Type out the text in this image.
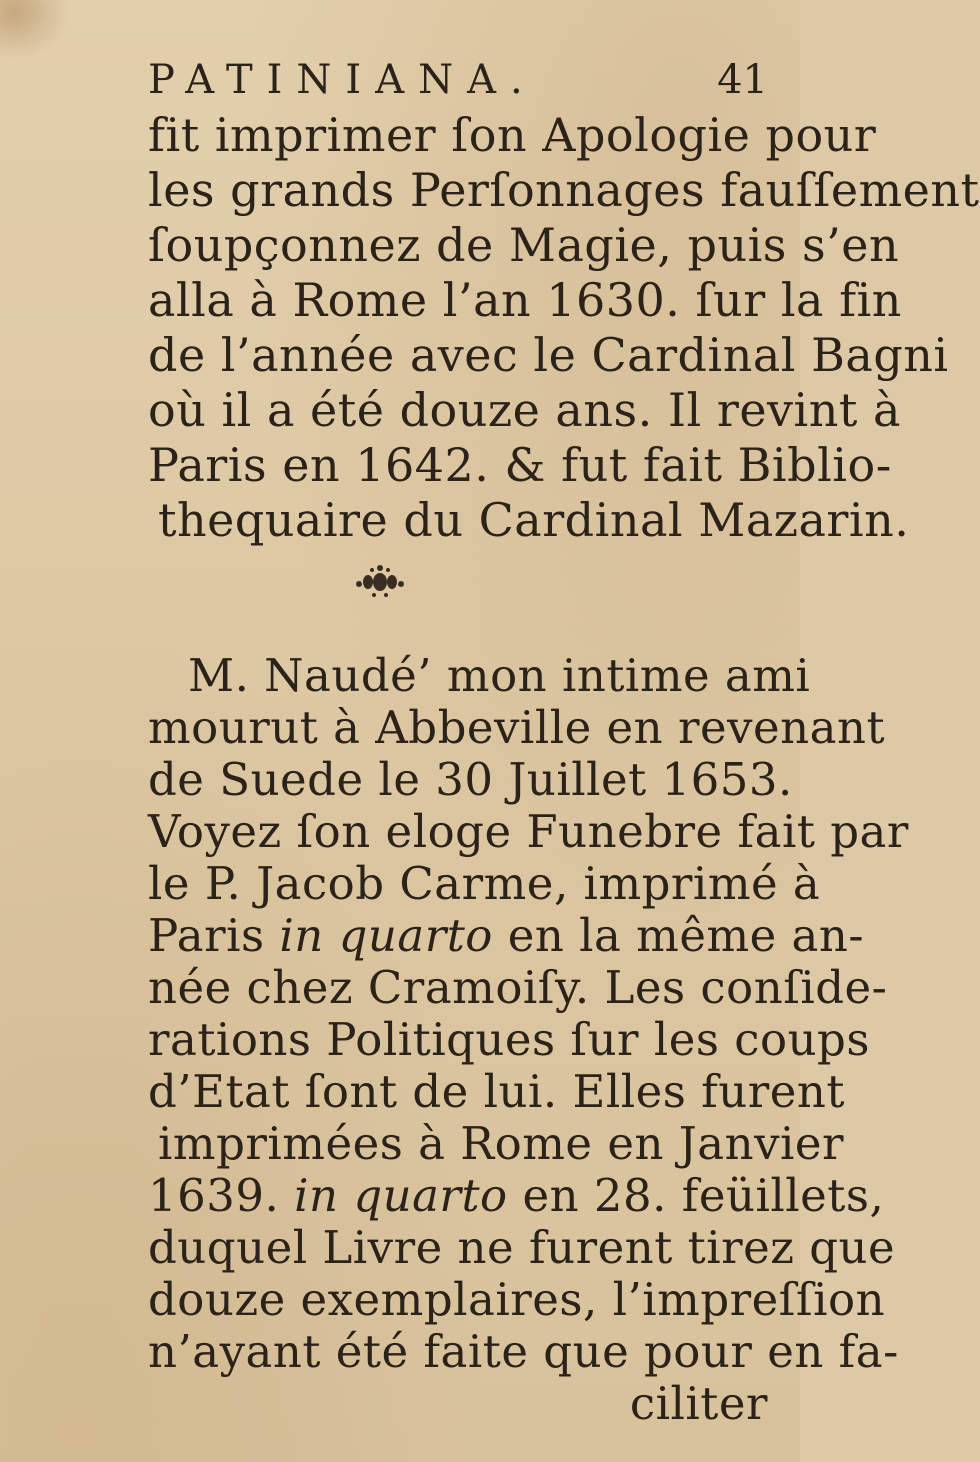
PATINIANA.	41
fit imprimer ſon Apologie pour
les grands Perſonnages fauſſement
ſoupçonnez de Magie, puis s’en
alla à Rome l’an 1630. ſur la fin
de l’année avec le Cardinal Bagni
où il a été douze ans. Il revint à
Paris en 1642. & fut fait Biblio-
thequaire du Cardinal Mazarin.
M. Naudé’ mon intime ami
mourut à Abbeville en revenant
de Suede le 30 Juillet 1653.
Voyez ſon eloge Funebre fait par
le P. Jacob Carme, imprimé à
Paris in quarto en la même an-
née chez Cramoiſy. Les conſide-
rations Politiques ſur les coups
d’Etat ſont de lui. Elles furent
imprimées à Rome en Janvier
1639. in quarto en 28. feüillets,
duquel Livre ne furent tirez que
douze exemplaires, l’impreſſion
n’ayant été faite que pour en fa-
ciliter
